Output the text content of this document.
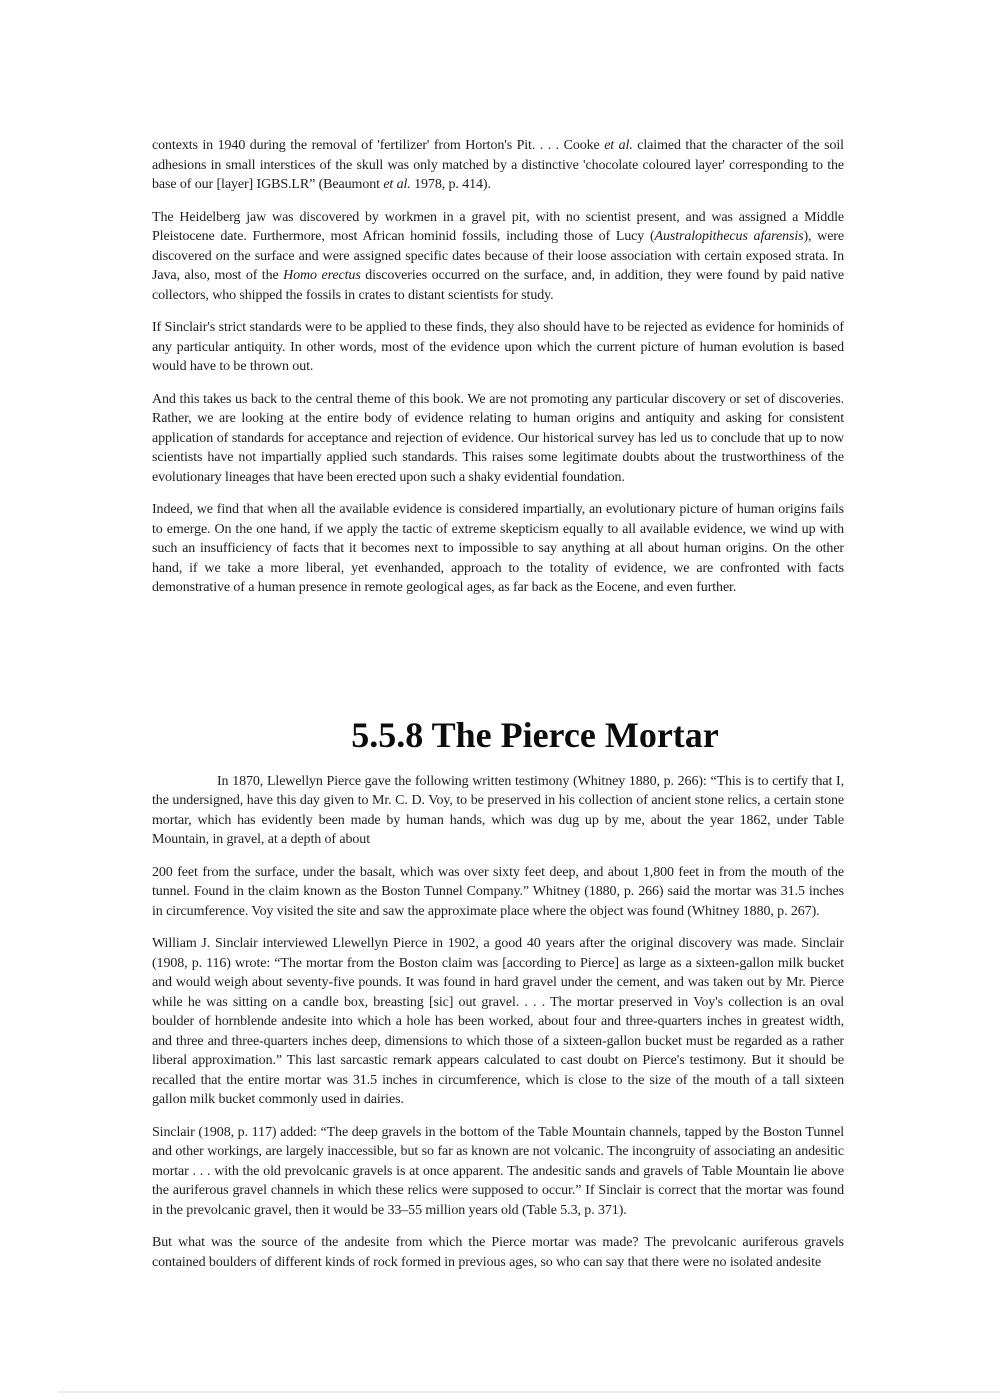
contexts in 1940 during the removal of 'fertilizer' from Horton's Pit. . . . Cooke et al. claimed that the character of the soil adhesions in small interstices of the skull was only matched by a distinctive 'chocolate coloured layer' corresponding to the base of our [layer] IGBS.LR” (Beaumont et al. 1978, p. 414).

The Heidelberg jaw was discovered by workmen in a gravel pit, with no scientist present, and was assigned a Middle Pleistocene date. Furthermore, most African hominid fossils, including those of Lucy (Australopithecus afarensis), were discovered on the surface and were assigned specific dates because of their loose association with certain exposed strata. In Java, also, most of the Homo erectus discoveries occurred on the surface, and, in addition, they were found by paid native collectors, who shipped the fossils in crates to distant scientists for study.

If Sinclair's strict standards were to be applied to these finds, they also should have to be rejected as evidence for hominids of any particular antiquity. In other words, most of the evidence upon which the current picture of human evolution is based would have to be thrown out.

And this takes us back to the central theme of this book. We are not promoting any particular discovery or set of discoveries. Rather, we are looking at the entire body of evidence relating to human origins and antiquity and asking for consistent application of standards for acceptance and rejection of evidence. Our historical survey has led us to conclude that up to now scientists have not impartially applied such standards. This raises some legitimate doubts about the trustworthiness of the evolutionary lineages that have been erected upon such a shaky evidential foundation.

Indeed, we find that when all the available evidence is considered impartially, an evolutionary picture of human origins fails to emerge. On the one hand, if we apply the tactic of extreme skepticism equally to all available evidence, we wind up with such an insufficiency of facts that it becomes next to impossible to say anything at all about human origins. On the other hand, if we take a more liberal, yet evenhanded, approach to the totality of evidence, we are confronted with facts demonstrative of a human presence in remote geological ages, as far back as the Eocene, and even further.

5.5.8 The Pierce Mortar

In 1870, Llewellyn Pierce gave the following written testimony (Whitney 1880, p. 266): “This is to certify that I, the undersigned, have this day given to Mr. C. D. Voy, to be preserved in his collection of ancient stone relics, a certain stone mortar, which has evidently been made by human hands, which was dug up by me, about the year 1862, under Table Mountain, in gravel, at a depth of about

200 feet from the surface, under the basalt, which was over sixty feet deep, and about 1,800 feet in from the mouth of the tunnel. Found in the claim known as the Boston Tunnel Company.” Whitney (1880, p. 266) said the mortar was 31.5 inches in circumference. Voy visited the site and saw the approximate place where the object was found (Whitney 1880, p. 267).

William J. Sinclair interviewed Llewellyn Pierce in 1902, a good 40 years after the original discovery was made. Sinclair (1908, p. 116) wrote: “The mortar from the Boston claim was [according to Pierce] as large as a sixteen-gallon milk bucket and would weigh about seventy-five pounds. It was found in hard gravel under the cement, and was taken out by Mr. Pierce while he was sitting on a candle box, breasting [sic] out gravel. . . . The mortar preserved in Voy's collection is an oval boulder of hornblende andesite into which a hole has been worked, about four and three-quarters inches in greatest width, and three and three-quarters inches deep, dimensions to which those of a sixteen-gallon bucket must be regarded as a rather liberal approximation.” This last sarcastic remark appears calculated to cast doubt on Pierce's testimony. But it should be recalled that the entire mortar was 31.5 inches in circumference, which is close to the size of the mouth of a tall sixteen gallon milk bucket commonly used in dairies.

Sinclair (1908, p. 117) added: “The deep gravels in the bottom of the Table Mountain channels, tapped by the Boston Tunnel and other workings, are largely inaccessible, but so far as known are not volcanic. The incongruity of associating an andesitic mortar . . . with the old prevolcanic gravels is at once apparent. The andesitic sands and gravels of Table Mountain lie above the auriferous gravel channels in which these relics were supposed to occur.” If Sinclair is correct that the mortar was found in the prevolcanic gravel, then it would be 33–55 million years old (Table 5.3, p. 371).

But what was the source of the andesite from which the Pierce mortar was made? The prevolcanic auriferous gravels contained boulders of different kinds of rock formed in previous ages, so who can say that there were no isolated andesite
